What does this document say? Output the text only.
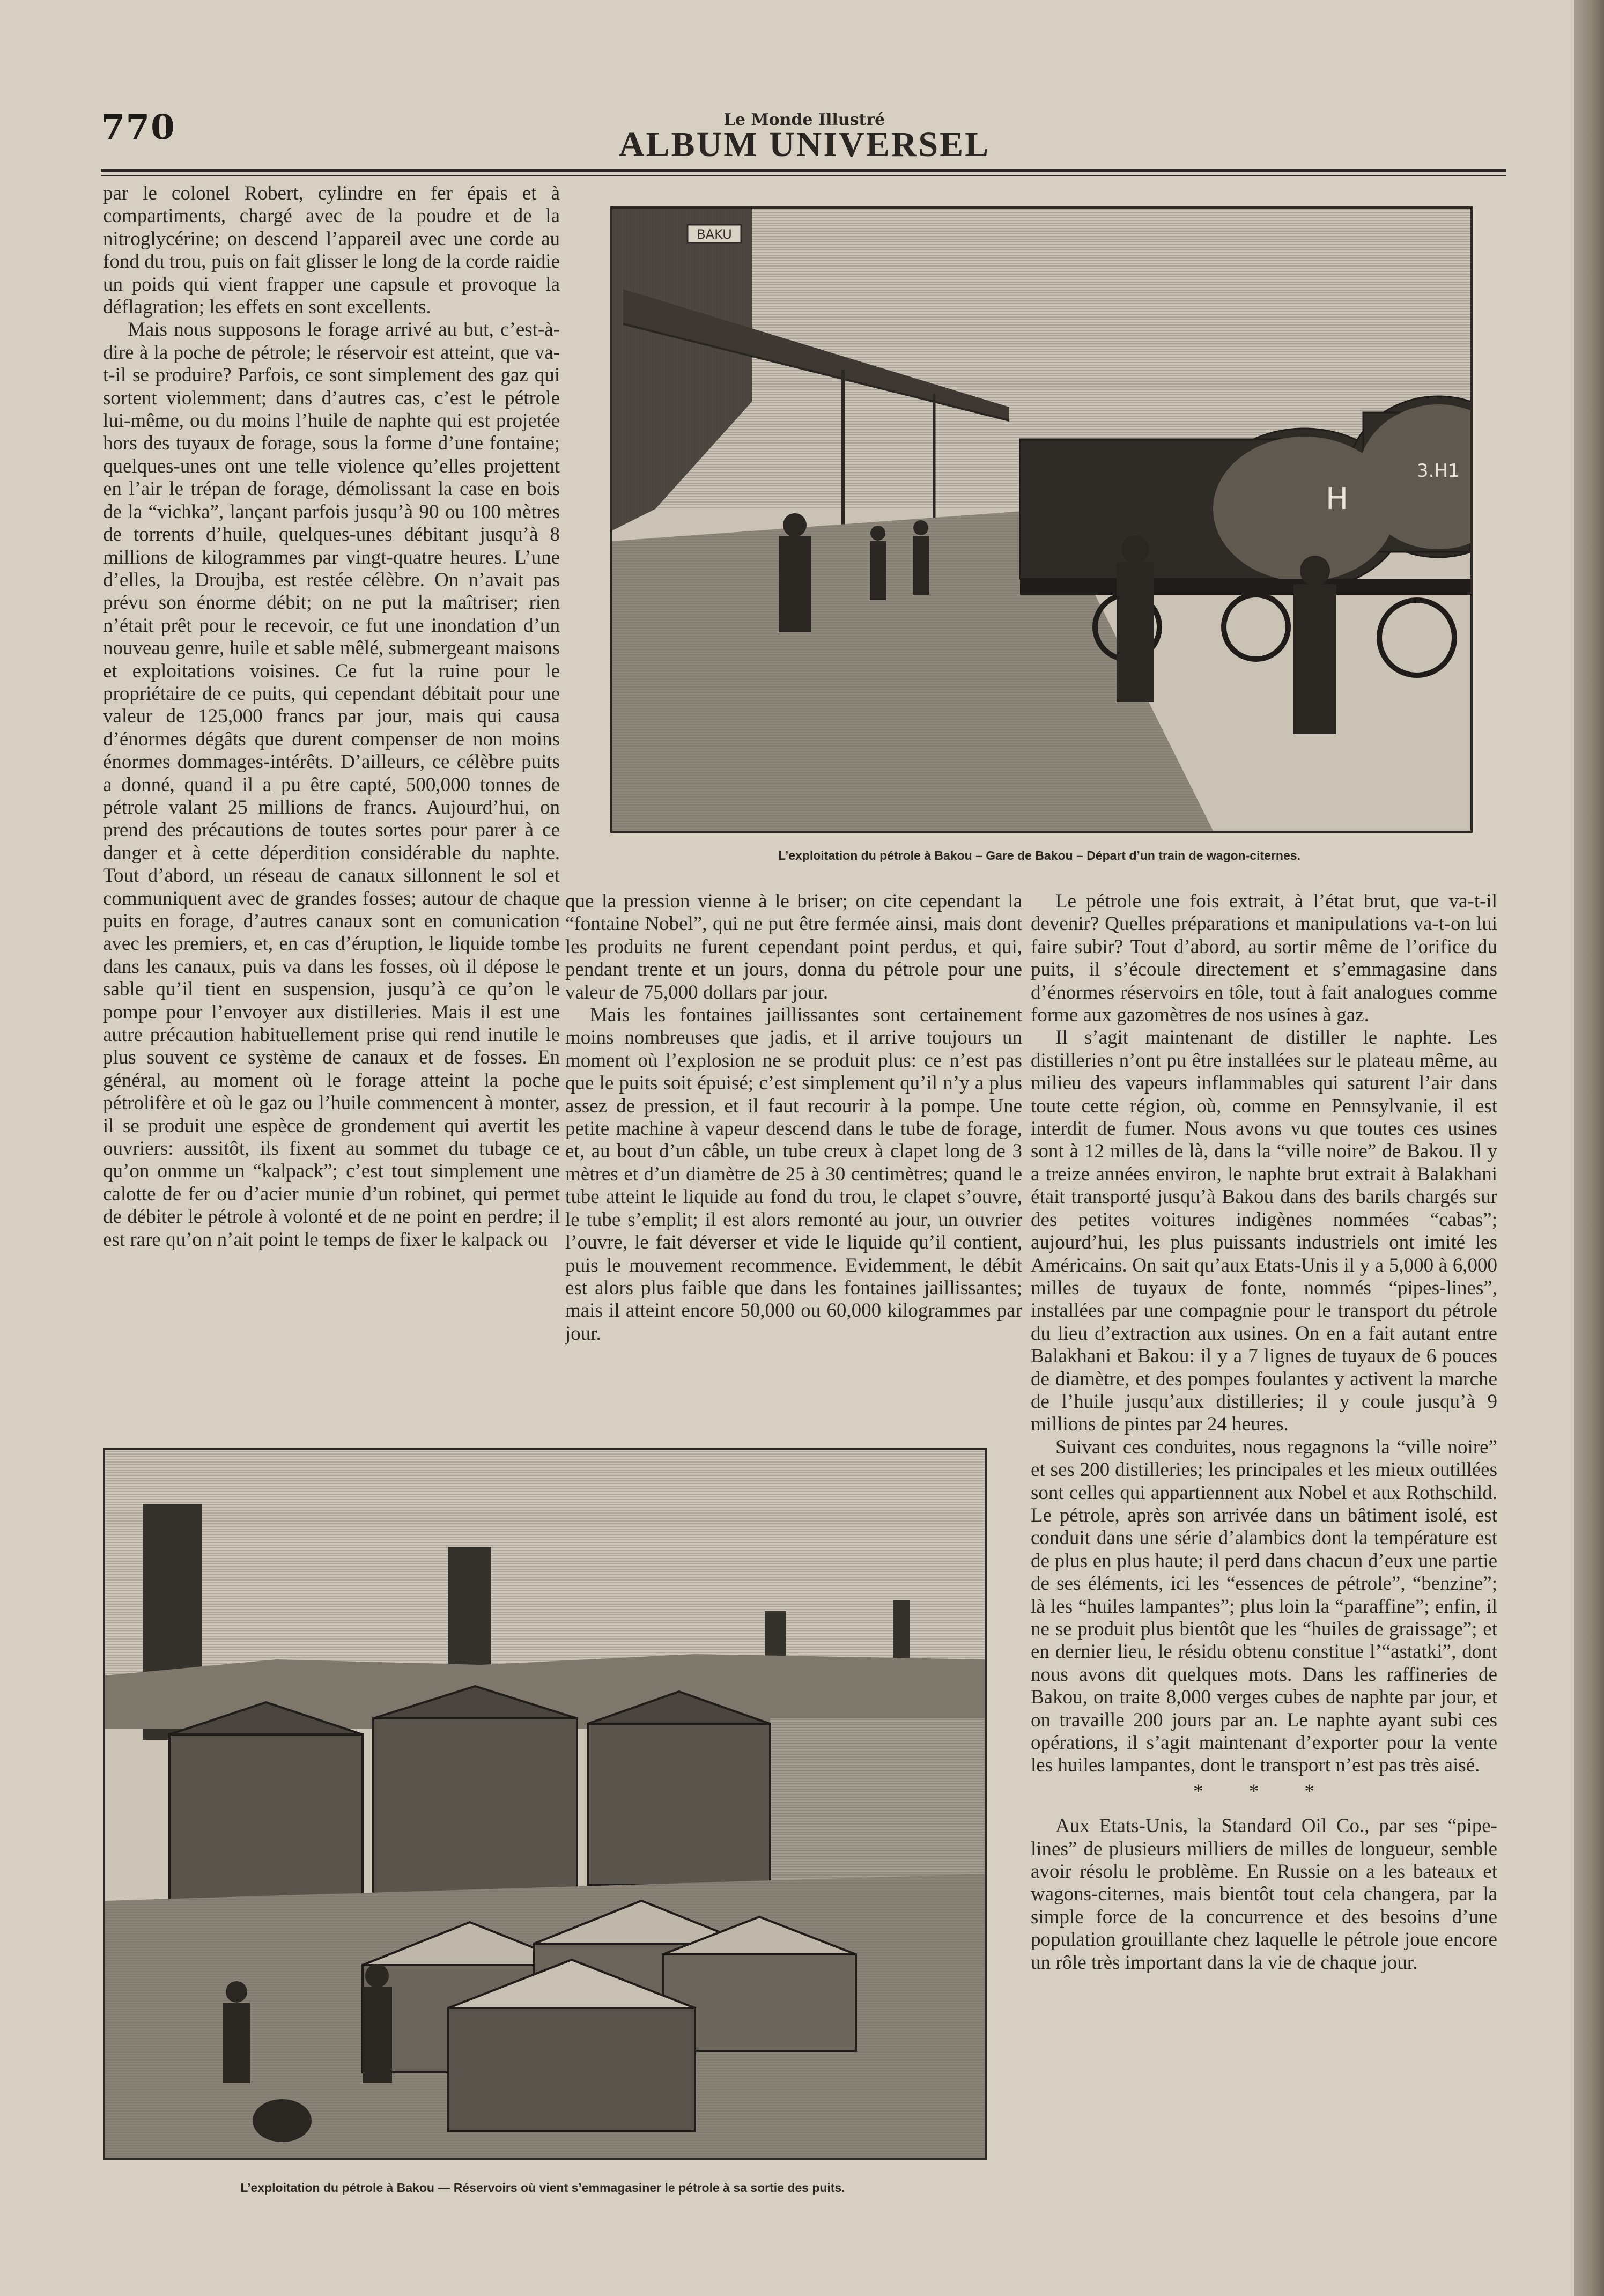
770	Le Monde Illustré
ALBUM UNIVERSEL

par le colonel Robert, cylindre en fer épais et à compartiments, chargé avec de la poudre et de la nitroglycérine; on descend l’appareil avec une corde au fond du trou, puis on fait glisser le long de la corde raidie un poids qui vient frapper une capsule et provoque la déflagration; les effets en sont excellents.

Mais nous supposons le forage arrivé au but, c’est-à-dire à la poche de pétrole; le réservoir est atteint, que va-t-il se produire? Parfois, ce sont simplement des gaz qui sortent violemment; dans d’autres cas, c’est le pétrole lui-même, ou du moins l’huile de naphte qui est projetée hors des tuyaux de forage, sous la forme d’une fontaine; quelques-unes ont une telle violence qu’elles projettent en l’air le trépan de forage, démolissant la case en bois de la “vichka”, lançant parfois jusqu’à 90 ou 100 mètres de torrents d’huile, quelques-unes débitant jusqu’à 8 millions de kilogrammes par vingt-quatre heures. L’une d’elles, la Droujba, est restée célèbre. On n’avait pas prévu son énorme débit; on ne put la maîtriser; rien n’était prêt pour le recevoir, ce fut une inondation d’un nouveau genre, huile et sable mêlé, submergeant maisons et exploitations voisines. Ce fut la ruine pour le propriétaire de ce puits, qui cependant débitait pour une valeur de 125,000 francs par jour, mais qui causa d’énormes dégâts que durent compenser de non moins énormes dommages-intérêts. D’ailleurs, ce célèbre puits a donné, quand il a pu être capté, 500,000 tonnes de pétrole valant 25 millions de francs. Aujourd’hui, on prend des précautions de toutes sortes pour parer à ce danger et à cette déperdition considérable du naphte. Tout d’abord, un réseau de canaux sillonnent le sol et communiquent avec de grandes fosses; autour de chaque puits en forage, d’autres canaux sont en comunication avec les premiers, et, en cas d’éruption, le liquide tombe dans les canaux, puis va dans les fosses, où il dépose le sable qu’il tient en suspension, jusqu’à ce qu’on le pompe pour l’envoyer aux distilleries. Mais il est une autre précaution habituellement prise qui rend inutile le plus souvent ce système de canaux et de fosses. En général, au moment où le forage atteint la poche pétrolifère et où le gaz ou l’huile commencent à monter, il se produit une espèce de grondement qui avertit les ouvriers: aussitôt, ils fixent au sommet du tubage ce qu’on onmme un “kalpack”; c’est tout simplement une calotte de fer ou d’acier munie d’un robinet, qui permet de débiter le pétrole à volonté et de ne point en perdre; il est rare qu’on n’ait point le temps de fixer le kalpack ou

BAKU
H
3.H1
L’exploitation du pétrole à Bakou – Gare de Bakou – Départ d’un train de wagon-citernes.

que la pression vienne à le briser; on cite cependant la “fontaine Nobel”, qui ne put être fermée ainsi, mais dont les produits ne furent cependant point perdus, et qui, pendant trente et un jours, donna du pétrole pour une valeur de 75,000 dollars par jour.

Mais les fontaines jaillissantes sont certainement moins nombreuses que jadis, et il arrive toujours un moment où l’explosion ne se produit plus: ce n’est pas que le puits soit épuisé; c’est simplement qu’il n’y a plus assez de pression, et il faut recourir à la pompe. Une petite machine à vapeur descend dans le tube de forage, et, au bout d’un câble, un tube creux à clapet long de 3 mètres et d’un diamètre de 25 à 30 centimètres; quand le tube atteint le liquide au fond du trou, le clapet s’ouvre, le tube s’emplit; il est alors remonté au jour, un ouvrier l’ouvre, le fait déverser et vide le liquide qu’il contient, puis le mouvement recommence. Evidemment, le débit est alors plus faible que dans les fontaines jaillissantes; mais il atteint encore 50,000 ou 60,000 kilogrammes par jour.

Le pétrole une fois extrait, à l’état brut, que va-t-il devenir? Quelles préparations et manipulations va-t-on lui faire subir? Tout d’abord, au sortir même de l’orifice du puits, il s’écoule directement et s’emmagasine dans d’énormes réservoirs en tôle, tout à fait analogues comme forme aux gazomètres de nos usines à gaz.

Il s’agit maintenant de distiller le naphte. Les distilleries n’ont pu être installées sur le plateau même, au milieu des vapeurs inflammables qui saturent l’air dans toute cette région, où, comme en Pennsylvanie, il est interdit de fumer. Nous avons vu que toutes ces usines sont à 12 milles de là, dans la “ville noire” de Bakou. Il y a treize années environ, le naphte brut extrait à Balakhani était transporté jusqu’à Bakou dans des barils chargés sur des petites voitures indigènes nommées “cabas”; aujourd’hui, les plus puissants industriels ont imité les Américains. On sait qu’aux Etats-Unis il y a 5,000 à 6,000 milles de tuyaux de fonte, nommés “pipes-lines”, installées par une compagnie pour le transport du pétrole du lieu d’extraction aux usines. On en a fait autant entre Balakhani et Bakou: il y a 7 lignes de tuyaux de 6 pouces de diamètre, et des pompes foulantes y activent la marche de l’huile jusqu’aux distilleries; il y coule jusqu’à 9 millions de pintes par 24 heures.

Suivant ces conduites, nous regagnons la “ville noire” et ses 200 distilleries; les principales et les mieux outillées sont celles qui appartiennent aux Nobel et aux Rothschild. Le pétrole, après son arrivée dans un bâtiment isolé, est conduit dans une série d’alambics dont la température est de plus en plus haute; il perd dans chacun d’eux une partie de ses éléments, ici les “essences de pétrole”, “benzine”; là les “huiles lampantes”; plus loin la “paraffine”; enfin, il ne se produit plus bientôt que les “huiles de graissage”; et en dernier lieu, le résidu obtenu constitue l’“astatki”, dont nous avons dit quelques mots. Dans les raffineries de Bakou, on traite 8,000 verges cubes de naphte par jour, et on travaille 200 jours par an. Le naphte ayant subi ces opérations, il s’agit maintenant d’exporter pour la vente les huiles lampantes, dont le transport n’est pas très aisé.

* * *

Aux Etats-Unis, la Standard Oil Co., par ses “pipe-lines” de plusieurs milliers de milles de longueur, semble avoir résolu le problème. En Russie on a les bateaux et wagons-citernes, mais bientôt tout cela changera, par la simple force de la concurrence et des besoins d’une population grouillante chez laquelle le pétrole joue encore un rôle très important dans la vie de chaque jour.

L’exploitation du pétrole à Bakou — Réservoirs où vient s’emmagasiner le pétrole à sa sortie des puits.
